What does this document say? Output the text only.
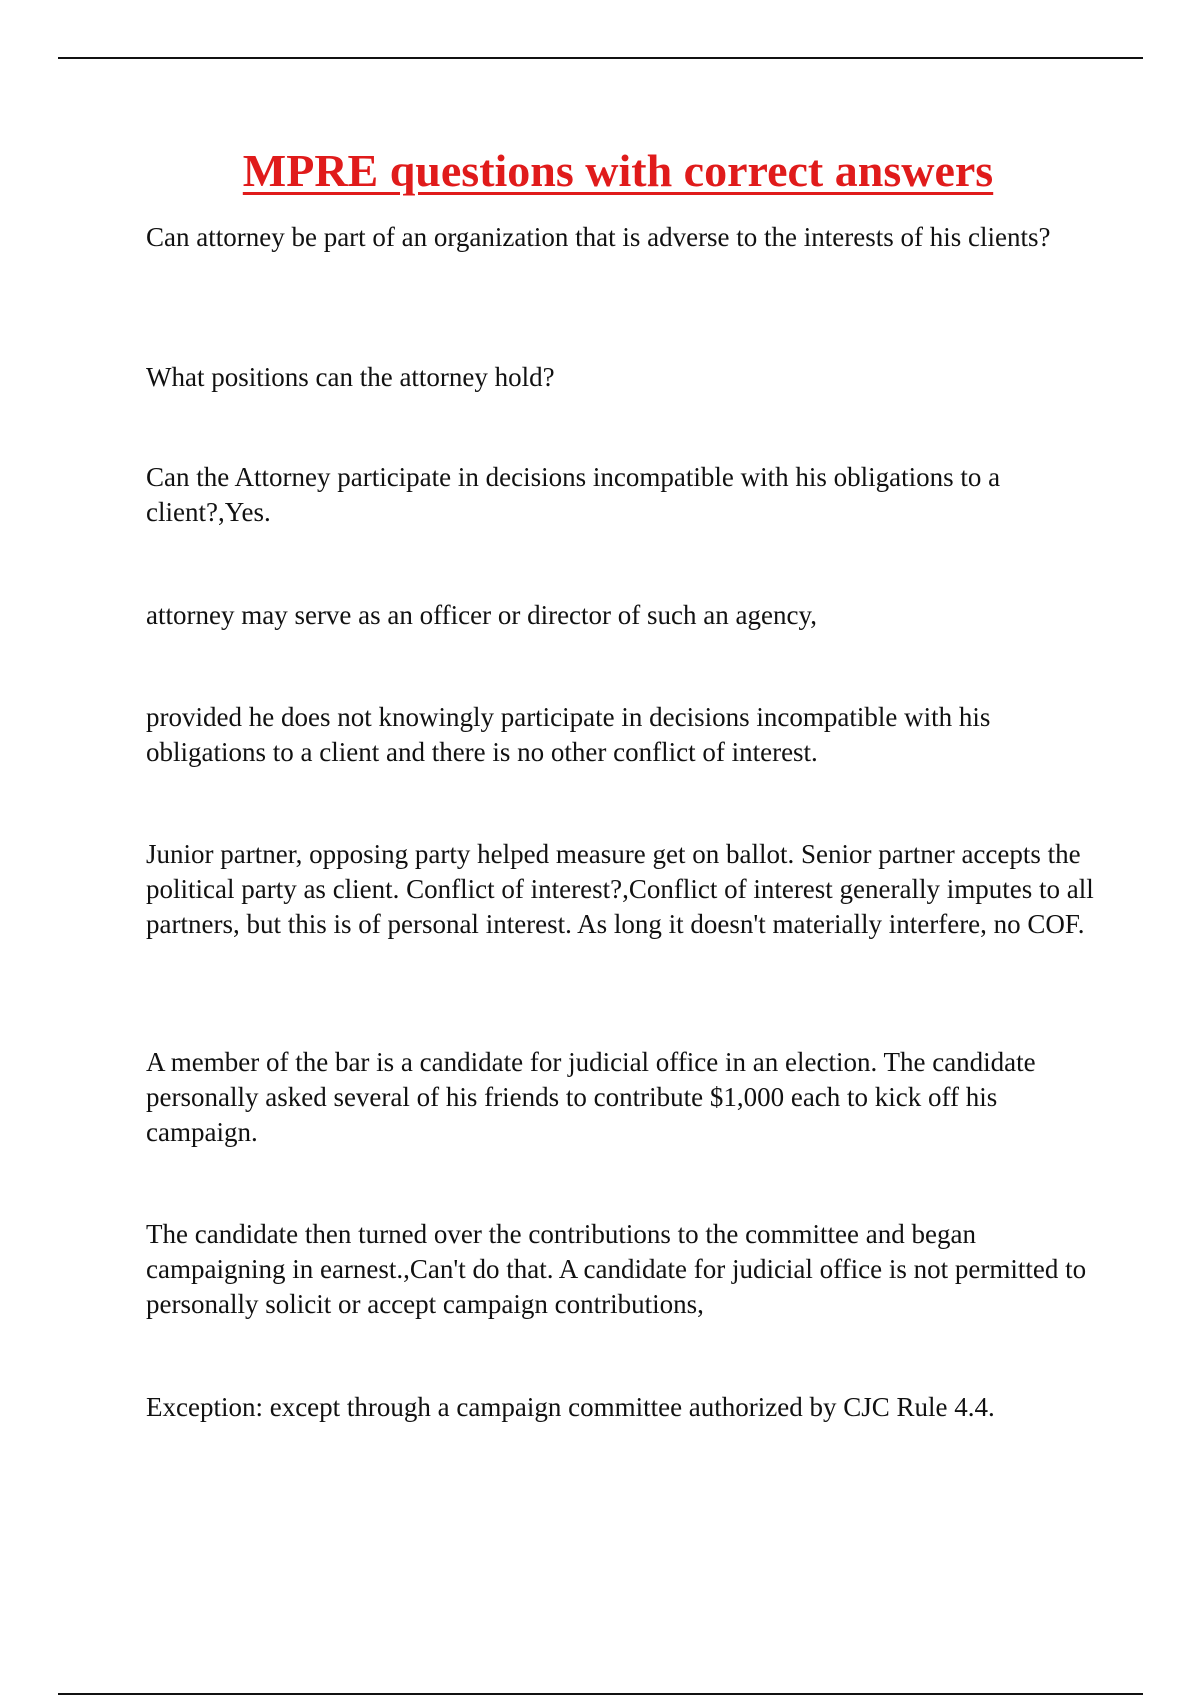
MPRE questions with correct answers

Can attorney be part of an organization that is adverse to the interests of his clients?

What positions can the attorney hold?

Can the Attorney participate in decisions incompatible with his obligations to a client?,Yes.

attorney may serve as an officer or director of such an agency,

provided he does not knowingly participate in decisions incompatible with his obligations to a client and there is no other conflict of interest.

Junior partner, opposing party helped measure get on ballot. Senior partner accepts the political party as client. Conflict of interest?,Conflict of interest generally imputes to all partners, but this is of personal interest. As long it doesn't materially interfere, no COF.

A member of the bar is a candidate for judicial office in an election. The candidate personally asked several of his friends to contribute $1,000 each to kick off his campaign.

The candidate then turned over the contributions to the committee and began campaigning in earnest.,Can't do that. A candidate for judicial office is not permitted to personally solicit or accept campaign contributions,

Exception: except through a campaign committee authorized by CJC Rule 4.4.
